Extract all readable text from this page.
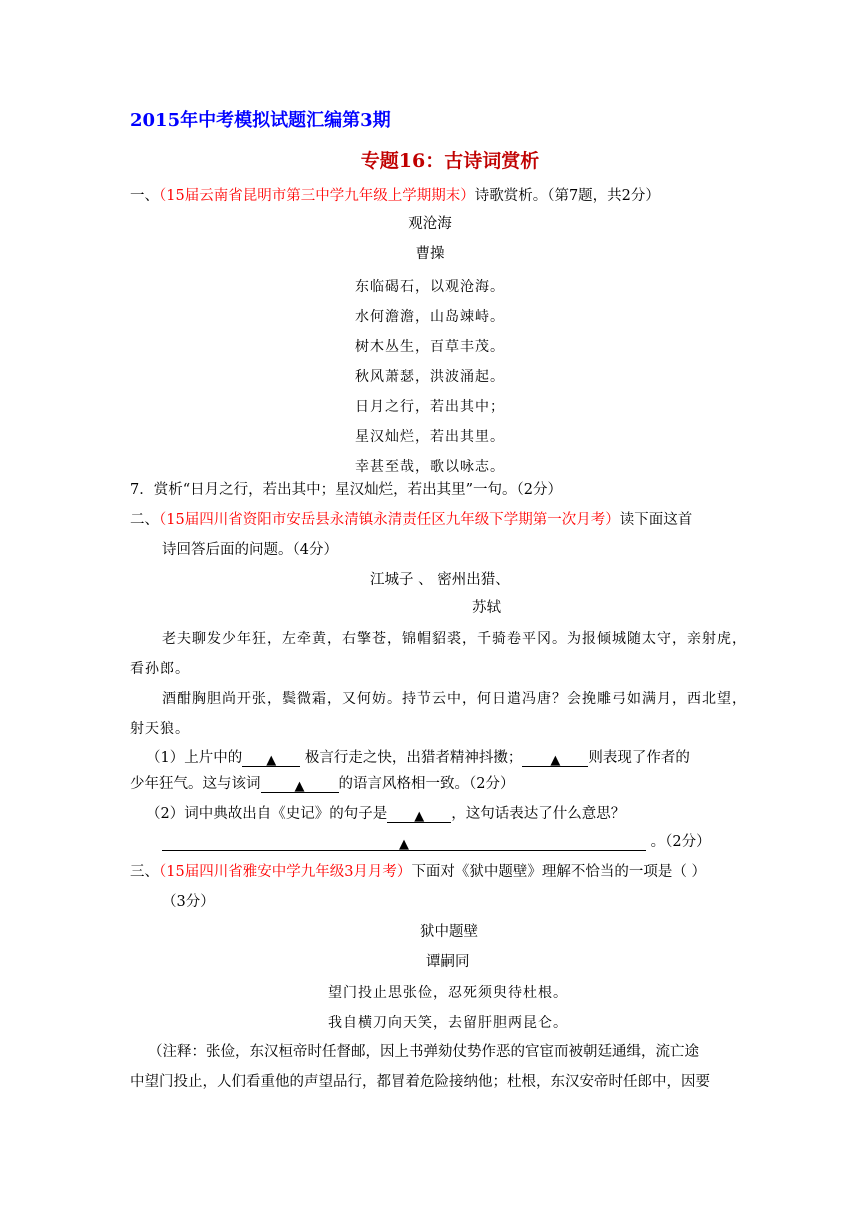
2015年中考模拟试题汇编第3期
专题16：古诗词赏析
一、（15届云南省昆明市第三中学九年级上学期期末）诗歌赏析。（第7题，共2分）
观沧海
曹操
东临碣石，以观沧海。
水何澹澹，山岛竦峙。
树木丛生，百草丰茂。
秋风萧瑟，洪波涌起。
日月之行，若出其中；
星汉灿烂，若出其里。
幸甚至哉，歌以咏志。
7．赏析“日月之行，若出其中；星汉灿烂，若出其里”一句。（2分）
二、（15届四川省资阳市安岳县永清镇永清责任区九年级下学期第一次月考）读下面这首
诗回答后面的问题。（4分）
江城子 、 密州出猎、
苏轼
老夫聊发少年狂，左牵黄，右擎苍，锦帽貂裘，千骑卷平冈。为报倾城随太守，亲射虎，
看孙郎。
酒酣胸胆尚开张，鬓微霜，又何妨。持节云中，何日遣冯唐？会挽雕弓如满月，西北望，
射天狼。
（1）上片中的 ▲ 极言行走之快，出猎者精神抖擞； ▲ 则表现了作者的
少年狂气。这与该词	▲ 的语言风格相一致。（2分）
（2）词中典故出自《史记》的句子是 ▲ ，这句话表达了什么意思？
▲	。（2分）
三、（15届四川省雅安中学九年级3月月考）下面对《狱中题壁》理解不恰当的一项是（ ）
（3分）
狱中题壁
谭嗣同
望门投止思张俭，忍死须臾待杜根。
我自横刀向天笑，去留肝胆两昆仑。
（注释：张俭，东汉桓帝时任督邮，因上书弹劾仗势作恶的官宦而被朝廷通缉，流亡途
中望门投止，人们看重他的声望品行，都冒着危险接纳他；杜根，东汉安帝时任郎中，因要
